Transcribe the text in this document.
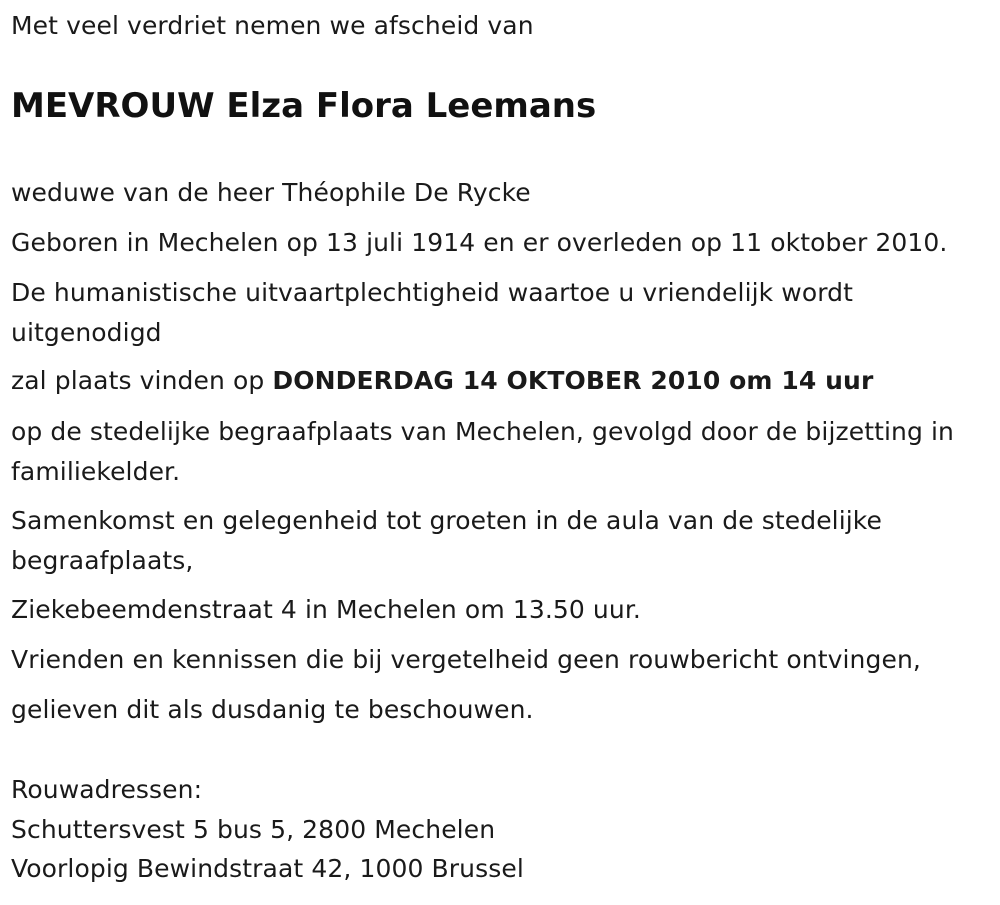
Met veel verdriet nemen we afscheid van

MEVROUW Elza Flora Leemans

weduwe van de heer Théophile De Rycke

Geboren in Mechelen op 13 juli 1914 en er overleden op 11 oktober 2010.

De humanistische uitvaartplechtigheid waartoe u vriendelijk wordt uitgenodigd

zal plaats vinden op DONDERDAG 14 OKTOBER 2010 om 14 uur

op de stedelijke begraafplaats van Mechelen, gevolgd door de bijzetting in familiekelder.

Samenkomst en gelegenheid tot groeten in de aula van de stedelijke begraafplaats,

Ziekebeemdenstraat 4 in Mechelen om 13.50 uur.

Vrienden en kennissen die bij vergetelheid geen rouwbericht ontvingen,

gelieven dit als dusdanig te beschouwen.

Rouwadressen:

Schuttersvest 5 bus 5, 2800 Mechelen

Voorlopig Bewindstraat 42, 1000 Brussel
